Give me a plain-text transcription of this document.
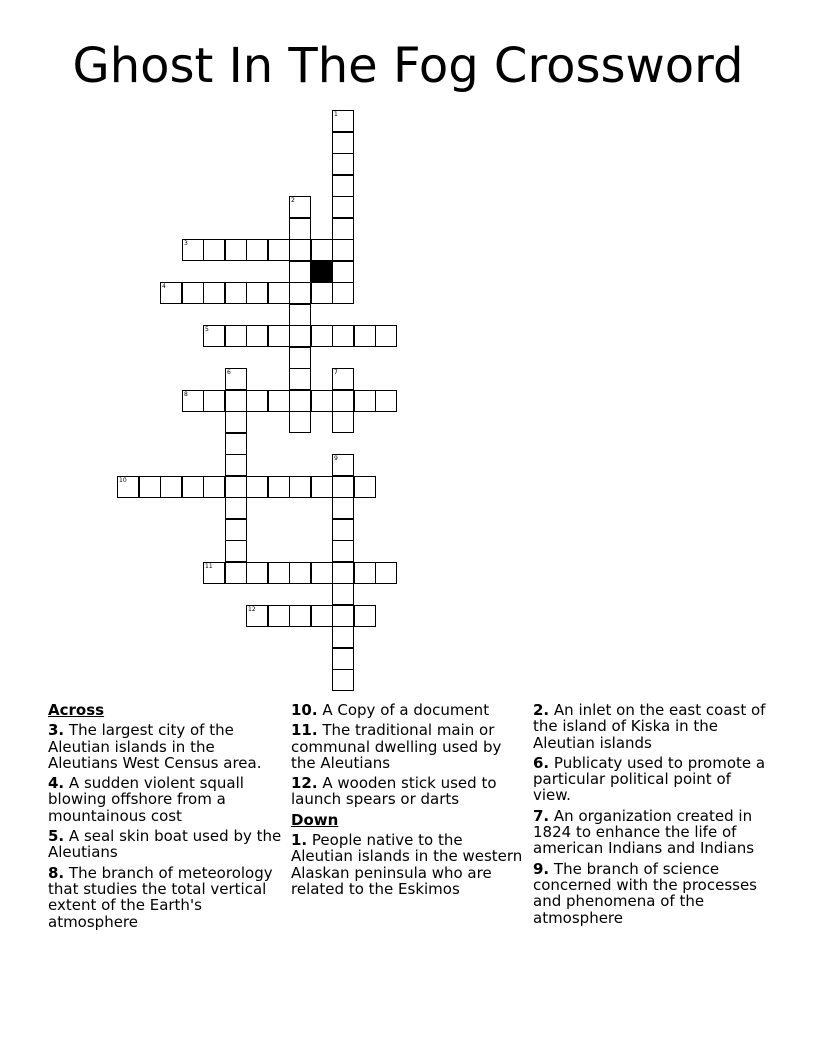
Ghost In The Fog Crossword
1
2
3
4
5
6	7
8
9
10
11
12
Across
3. The largest city of the Aleutian islands in the Aleutians West Census area.
4. A sudden violent squall blowing offshore from a mountainous cost
5. A seal skin boat used by the Aleutians
8. The branch of meteorology that studies the total vertical extent of the Earth's atmosphere
10. A Copy of a document
11. The traditional main or communal dwelling used by the Aleutians
12. A wooden stick used to launch spears or darts
Down
1. People native to the Aleutian islands in the western Alaskan peninsula who are related to the Eskimos
2. An inlet on the east coast of the island of Kiska in the Aleutian islands
6. Publicaty used to promote a particular political point of view.
7. An organization created in 1824 to enhance the life of american Indians and Indians
9. The branch of science concerned with the processes and phenomena of the atmosphere
